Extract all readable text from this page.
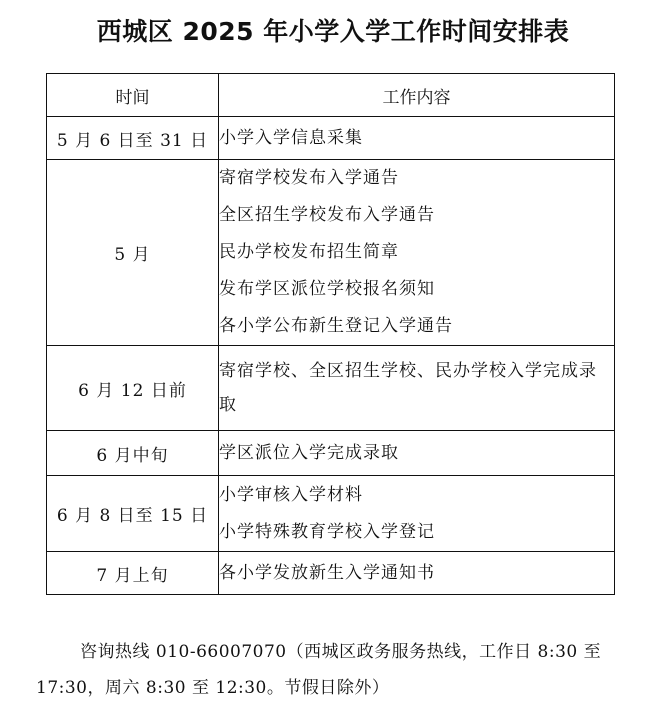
西城区 2025 年小学入学工作时间安排表
时间	工作内容
5 月 6 日至 31 日	小学入学信息采集

5 月	寄宿学校发布入学通告
全区招生学校发布入学通告
民办学校发布招生简章
发布学区派位学校报名须知
各小学公布新生登记入学通告

6 月 12 日前	寄宿学校、全区招生学校、民办学校入学完成录取

6 月中旬	学区派位入学完成录取

6 月 8 日至 15 日	小学审核入学材料
小学特殊教育学校入学登记

7 月上旬	各小学发放新生入学通知书
咨询热线 010-66007070（西城区政务服务热线，工作日 8:30 至 17:30，周六 8:30 至 12:30。节假日除外）
